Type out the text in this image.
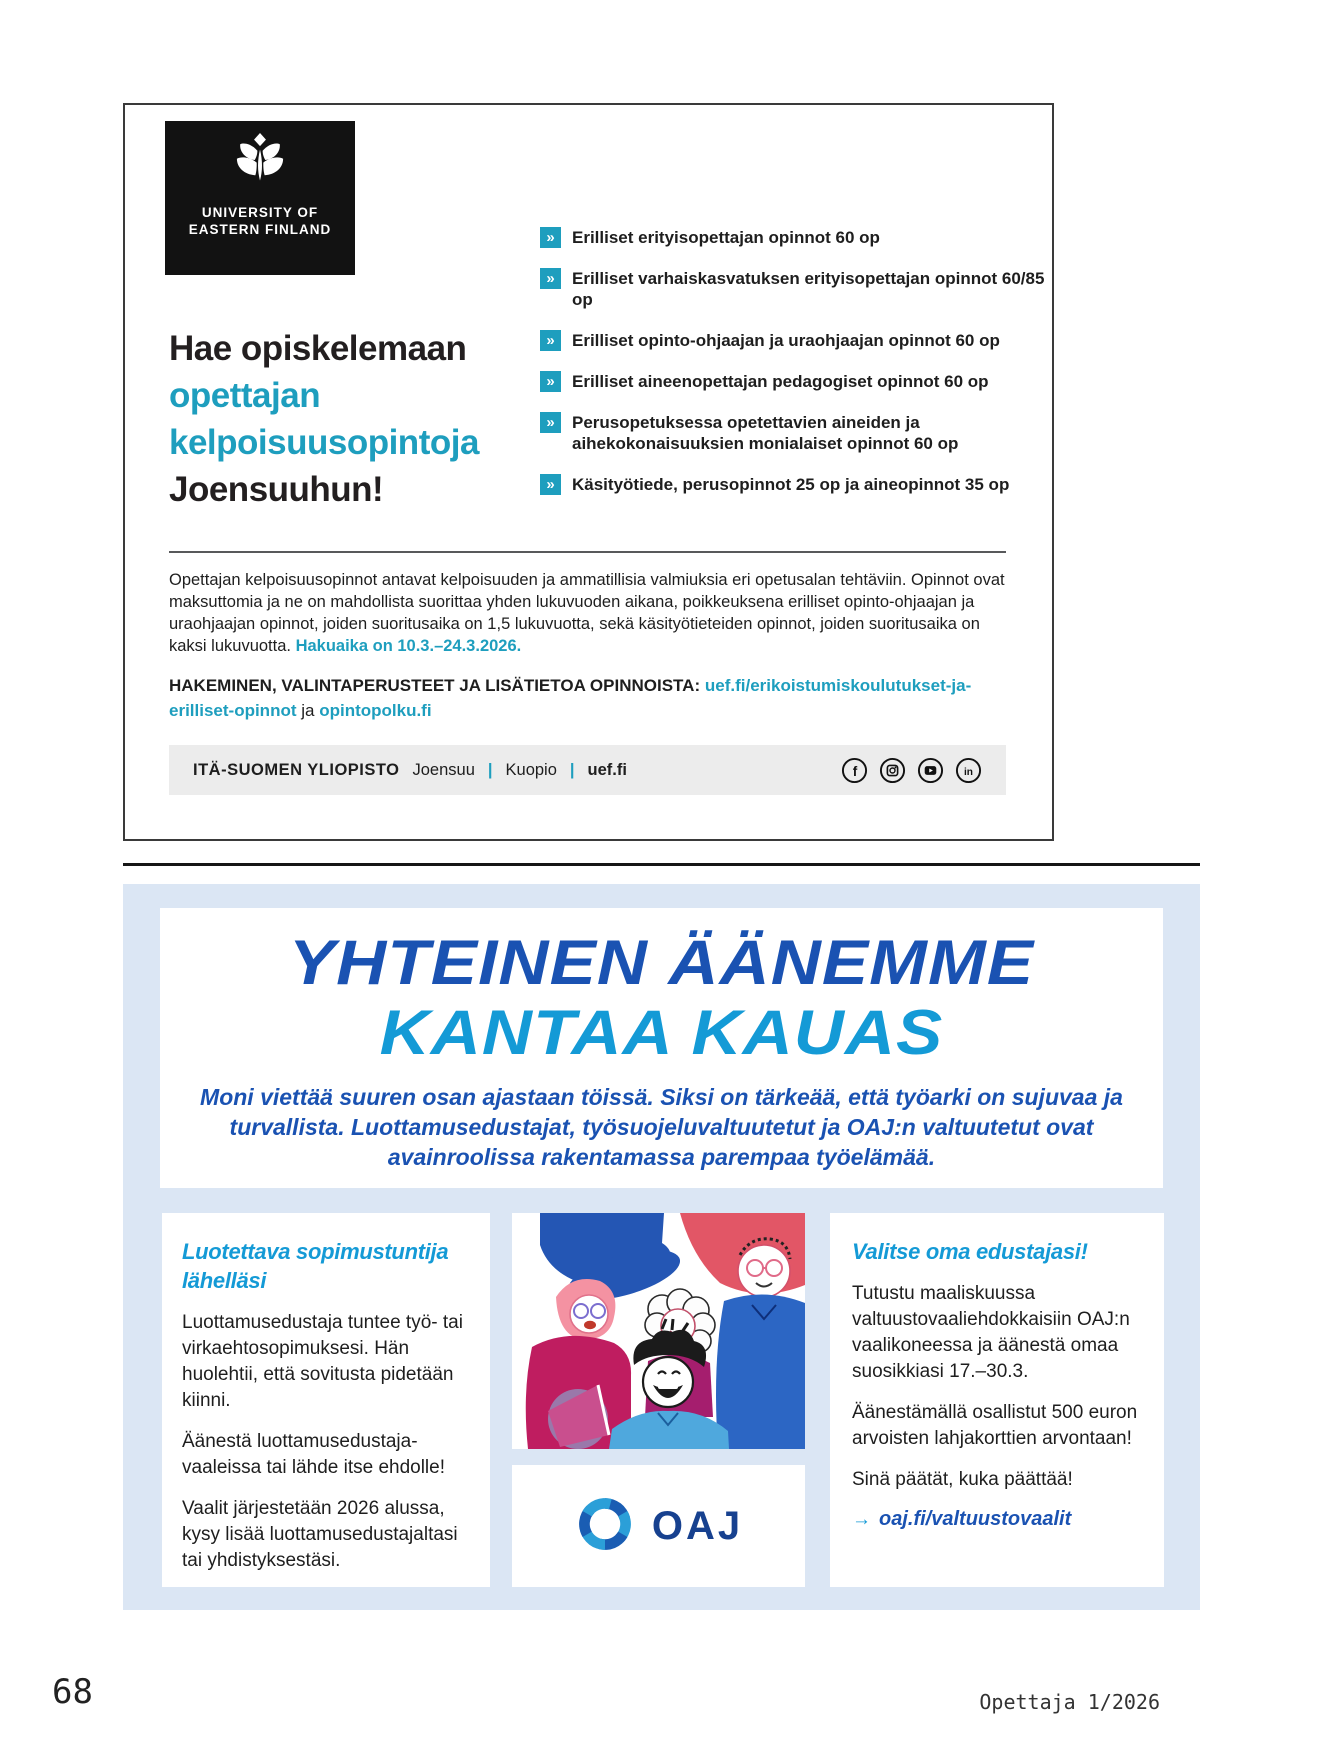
UNIVERSITY OF
EASTERN FINLAND
Hae opiskelemaan
opettajan
kelpoisuusopintoja
Joensuuhun!
»	Erilliset erityisopettajan opinnot 60 op
»	Erilliset varhaiskasvatuksen erityisopettajan opinnot 60/85 op
»	Erilliset opinto-ohjaajan ja uraohjaajan opinnot 60 op
»	Erilliset aineenopettajan pedagogiset opinnot 60 op
»	Perusopetuksessa opetettavien aineiden ja aihekokonaisuuksien monialaiset opinnot 60 op
»	Käsityötiede, perusopinnot 25 op ja aineopinnot 35 op
Opettajan kelpoisuusopinnot antavat kelpoisuuden ja ammatillisia valmiuksia eri opetusalan tehtäviin. Opinnot ovat maksuttomia ja ne on mahdollista suorittaa yhden lukuvuoden aikana, poikkeuksena erilliset opinto-ohjaajan ja uraohjaajan opinnot, joiden suoritusaika on 1,5 lukuvuotta, sekä käsityötieteiden opinnot, joiden suoritusaika on kaksi lukuvuotta. Hakuaika on 10.3.–24.3.2026.
HAKEMINEN, VALINTAPERUSTEET JA LISÄTIETOA OPINNOISTA: uef.fi/erikoistumiskoulutukset-ja-erilliset-opinnot ja opintopolku.fi
ITÄ-SUOMEN YLIOPISTO Joensuu | Kuopio | uef.fi	f	in
YHTEINEN ÄÄNEMME
KANTAA KAUAS

Moni viettää suuren osan ajastaan töissä. Siksi on tärkeää, että työarki on sujuvaa ja turvallista. Luottamusedustajat, työsuojeluvaltuutetut ja OAJ:n valtuutetut ovat avainroolissa rakentamassa parempaa työelämää.

Luotettava sopimustuntija lähelläsi

Luottamusedustaja tuntee työ- tai virkaehtosopimuksesi. Hän huolehtii, että sovitusta pidetään kiinni.

Äänestä luottamusedustaja-vaaleissa tai lähde itse ehdolle!

Vaalit järjestetään 2026 alussa, kysy lisää luottamusedustajaltasi tai yhdistyksestäsi.

OAJ
Valitse oma edustajasi!

Tutustu maaliskuussa valtuustovaaliehdokkaisiin OAJ:n vaalikoneessa ja äänestä omaa suosikkiasi 17.–30.3.

Äänestämällä osallistut 500 euron arvoisten lahjakorttien arvontaan!

Sinä päätät, kuka päättää!

→ oaj.fi/valtuustovaalit
68	Opettaja 1/2026
